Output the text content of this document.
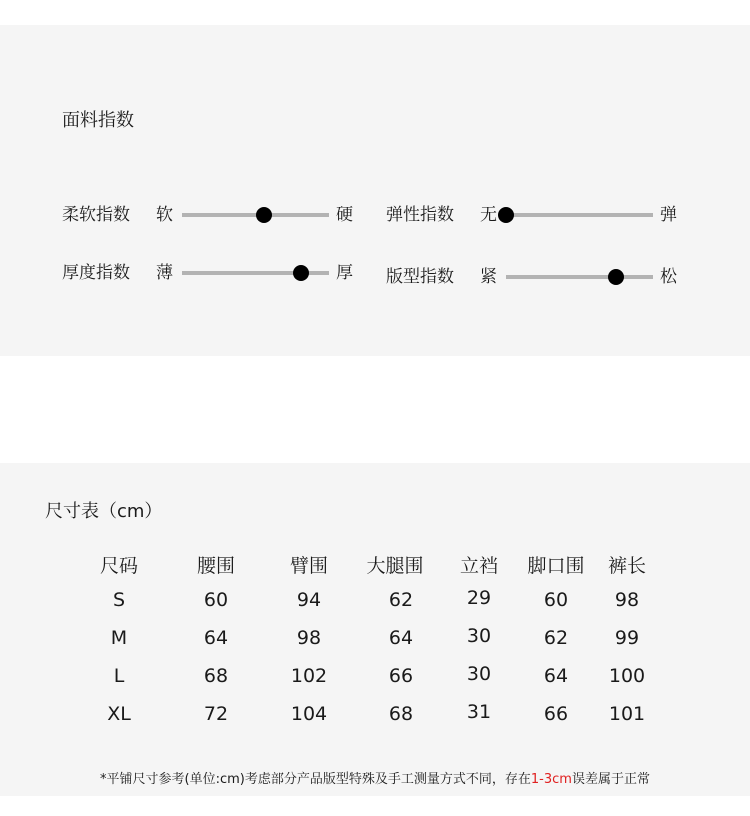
面料指数
柔软指数 软	硬 弹性指数 无	弹
厚度指数 薄	厚 版型指数 紧	松
尺寸表（cm）
尺码	腰围	臂围	大腿围	立裆	脚口围	裤长
S	60	94	62	29	60	98
M	64	98	64	30	62	99
L	68	102	66	30	64	100
XL	72	104	68	31	66	101
*平铺尺寸参考(单位:cm)考虑部分产品版型特殊及手工测量方式不同，存在1-3cm误差属于正常
